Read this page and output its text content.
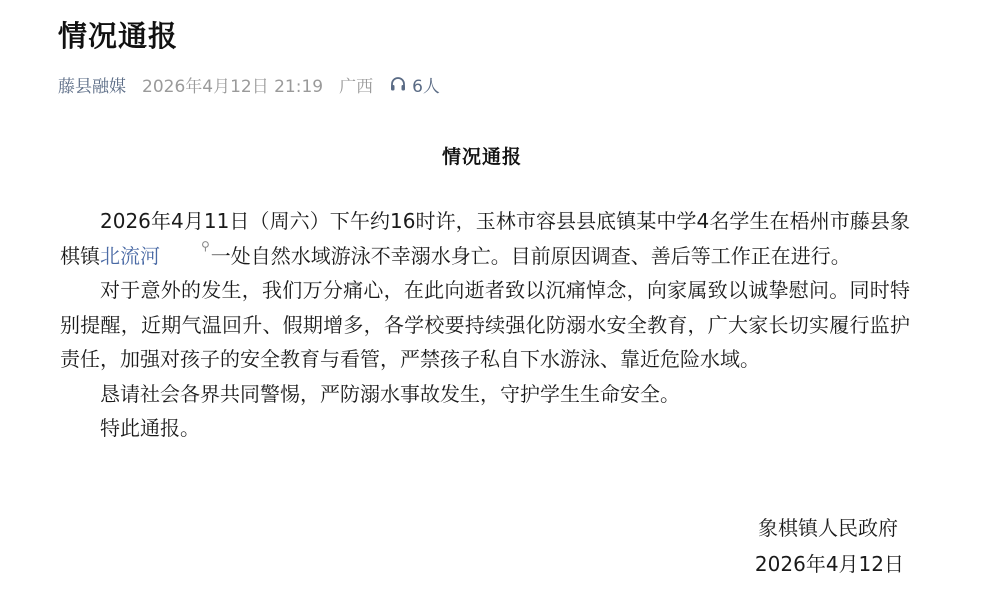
情况通报
藤县融媒 2026年4月12日 21:19 广西 6人
情况通报

2026年4月11日（周六）下午约16时许，玉林市容县县底镇某中学4名学生在梧州市藤县象棋镇北流河	⚲一处自然水域游泳不幸溺水身亡。目前原因调查、善后等工作正在进行。

对于意外的发生，我们万分痛心，在此向逝者致以沉痛悼念，向家属致以诚挚慰问。同时特别提醒，近期气温回升、假期增多，各学校要持续强化防溺水安全教育，广大家长切实履行监护责任，加强对孩子的安全教育与看管，严禁孩子私自下水游泳、靠近危险水域。

恳请社会各界共同警惕，严防溺水事故发生，守护学生生命安全。

特此通报。

象棋镇人民政府
2026年4月12日
